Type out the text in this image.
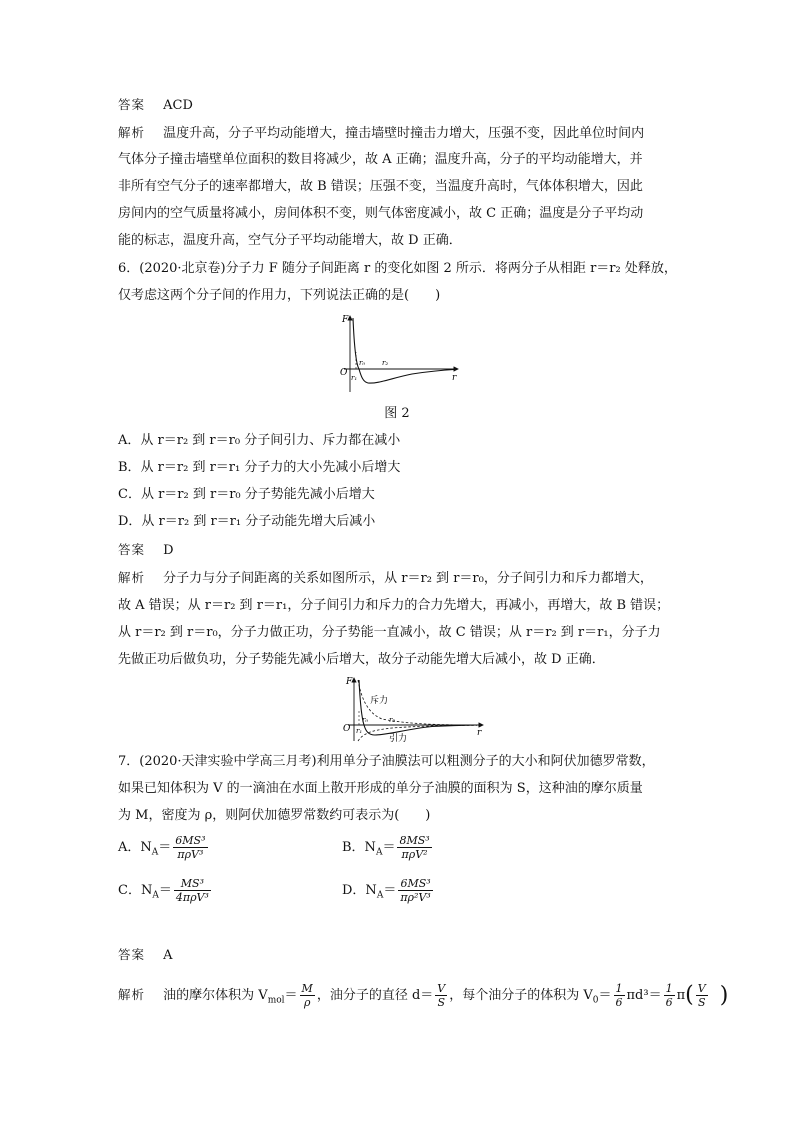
答案 ACD
解析 温度升高，分子平均动能增大，撞击墙壁时撞击力增大，压强不变，因此单位时间内
气体分子撞击墙壁单位面积的数目将减少，故 A 正确；温度升高，分子的平均动能增大，并
非所有空气分子的速率都增大，故 B 错误；压强不变，当温度升高时，气体体积增大，因此
房间内的空气质量将减小，房间体积不变，则气体密度减小，故 C 正确；温度是分子平均动
能的标志，温度升高，空气分子平均动能增大，故 D 正确．
6．(2020·北京卷)分子力 F 随分子间距离 r 的变化如图 2 所示．将两分子从相距 r＝r₂ 处释放，
仅考虑这两个分子间的作用力，下列说法正确的是(　　)
F
O	r
r₀
r₁
r₂
图 2
A．从 r＝r₂ 到 r＝r₀ 分子间引力、斥力都在减小
B．从 r＝r₂ 到 r＝r₁ 分子力的大小先减小后增大
C．从 r＝r₂ 到 r＝r₀ 分子势能先减小后增大
D．从 r＝r₂ 到 r＝r₁ 分子动能先增大后减小
答案 D
解析 分子力与分子间距离的关系如图所示，从 r＝r₂ 到 r＝r₀，分子间引力和斥力都增大，
故 A 错误；从 r＝r₂ 到 r＝r₁，分子间引力和斥力的合力先增大，再减小，再增大，故 B 错误；
从 r＝r₂ 到 r＝r₀，分子力做正功，分子势能一直减小，故 C 错误；从 r＝r₂ 到 r＝r₁，分子力
先做正功后做负功，分子势能先减小后增大，故分子动能先增大后减小，故 D 正确．
F
O	r
r₀
r₁
r₂
斥力
引力
7．(2020·天津实验中学高三月考)利用单分子油膜法可以粗测分子的大小和阿伏加德罗常数，
如果已知体积为 V 的一滴油在水面上散开形成的单分子油膜的面积为 S，这种油的摩尔质量
为 M，密度为 ρ，则阿伏加德罗常数约可表示为(　　)
A．$N_A= \frac{\text{6MS³}}{\text{πρV³}}$	B．$N_A= \frac{\text{8MS³}}{\text{πρV²}}$
C．$N_A= \frac{\text{MS³}}{\text{4πρV³}}$	D．$N_A= \frac{\text{6MS³}}{\text{πρ²V³}}$
答案 A
解析 油的摩尔体积为 $V_{mol}= \frac{M}{\rho}$ ，油分子的直径 $d= \frac{V}{S}$ ，每个油分子的体积为 $V_0= \frac{1}{6} \pi d^3= \frac{1}{6} \pi( \frac{V}{S}$ )
